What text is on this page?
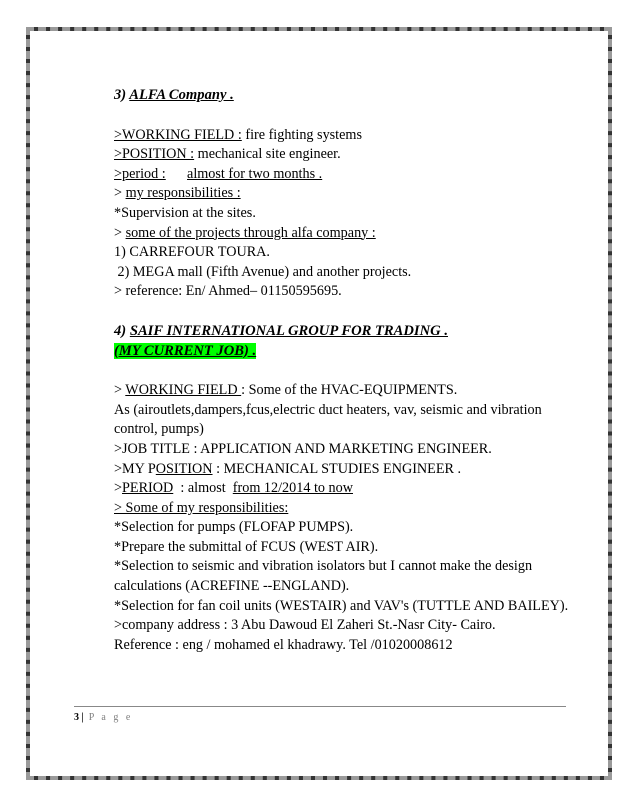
3) ALFA Company .
>WORKING FIELD : fire fighting systems
>POSITION : mechanical site engineer.
>period : almost for two months .
> my responsibilities :
*Supervision at the sites.
> some of the projects through alfa company :
1) CARREFOUR TOURA.
2) MEGA mall (Fifth Avenue) and another projects.
> reference: En/ Ahmed– 01150595695.
4) SAIF INTERNATIONAL GROUP FOR TRADING .
(MY CURRENT JOB) .
> WORKING FIELD : Some of the HVAC-EQUIPMENTS.
As (airoutlets,dampers,fcus,electric duct heaters, vav, seismic and vibration control, pumps)
>JOB TITLE : APPLICATION AND MARKETING ENGINEER.
>MY POSITION : MECHANICAL STUDIES ENGINEER .
>PERIOD  : almost  from 12/2014 to now
> Some of my responsibilities:
*Selection for pumps (FLOFAP PUMPS).
*Prepare the submittal of FCUS (WEST AIR).
*Selection to seismic and vibration isolators but I cannot make the design calculations (ACREFINE --ENGLAND).
*Selection for fan coil units (WESTAIR) and VAV's (TUTTLE AND BAILEY).
>company address : 3 Abu Dawoud El Zaheri St.-Nasr City- Cairo.
Reference : eng / mohamed el khadrawy. Tel /01020008612
3 | P a g e
